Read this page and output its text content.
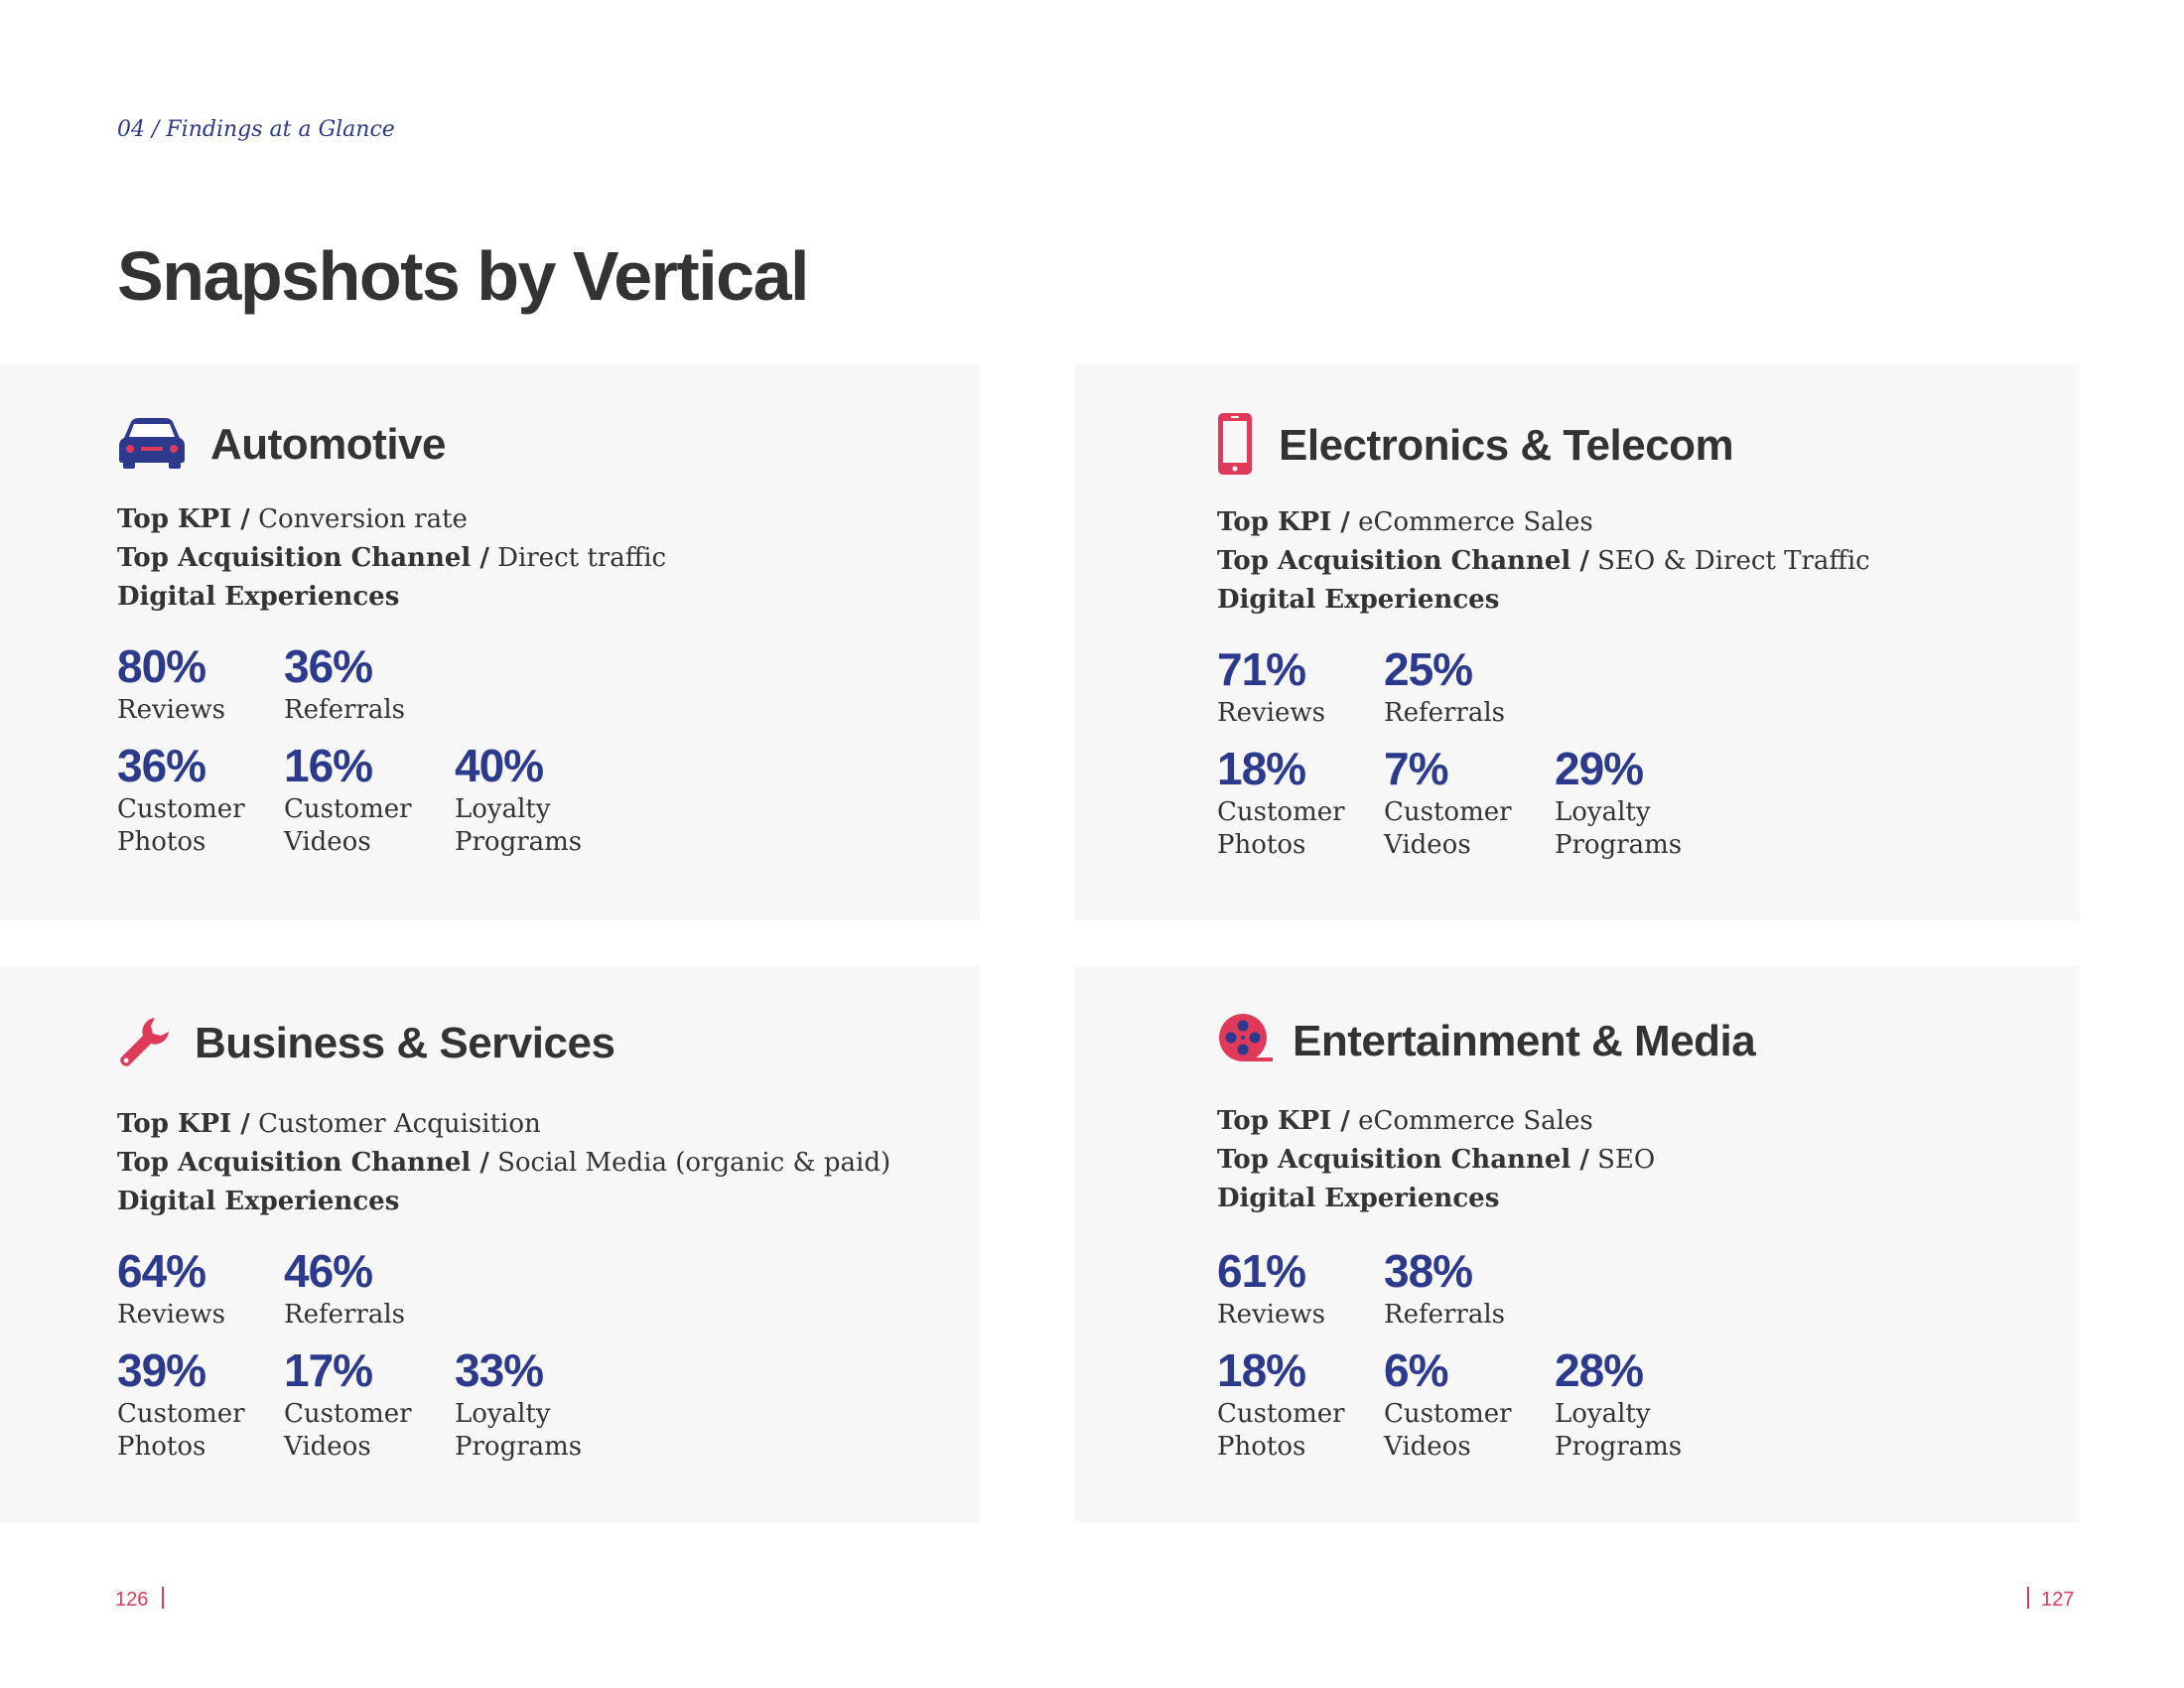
04 / Findings at a Glance
Snapshots by Vertical
Automotive
Top KPI / Conversion rate
Top Acquisition Channel / Direct traffic
Digital Experiences
80%
Reviews
36%
Referrals
36%
Customer Photos
16%
Customer Videos
40%
Loyalty Programs
Electronics & Telecom
Top KPI / eCommerce Sales
Top Acquisition Channel / SEO & Direct Traffic
Digital Experiences
71%
Reviews
25%
Referrals
18%
Customer Photos
7%
Customer Videos
29%
Loyalty Programs
Business & Services
Top KPI / Customer Acquisition
Top Acquisition Channel / Social Media (organic & paid)
Digital Experiences
64%
Reviews
46%
Referrals
39%
Customer Photos
17%
Customer Videos
33%
Loyalty Programs
Entertainment & Media
Top KPI / eCommerce Sales
Top Acquisition Channel / SEO
Digital Experiences
61%
Reviews
38%
Referrals
18%
Customer Photos
6%
Customer Videos
28%
Loyalty Programs
126	127
